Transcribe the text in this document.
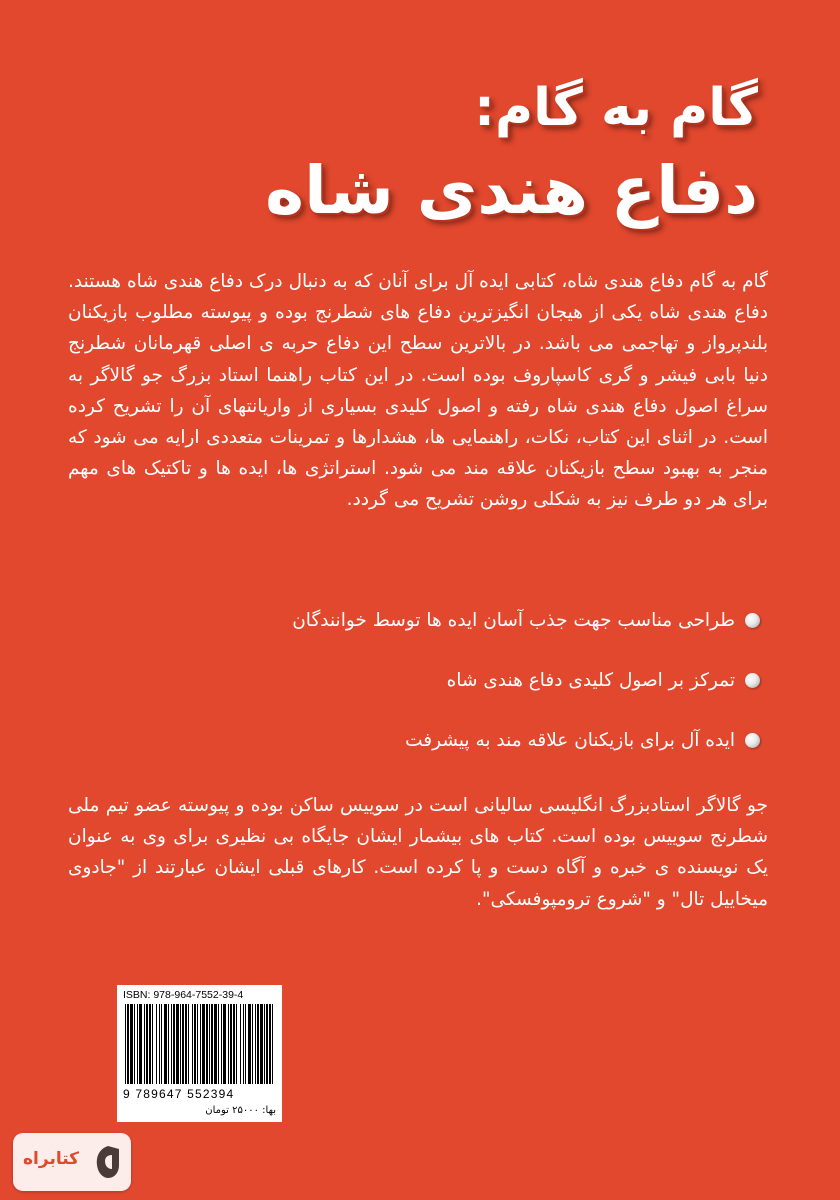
گام به گام:
دفاع هندی شاه

گام به گام دفاع هندی شاه، کتابی ایده آل برای آنان که به دنبال درک دفاع هندی شاه هستند. دفاع هندی شاه یکی از هیجان انگیزترین دفاع های شطرنج بوده و پیوسته مطلوب بازیکنان بلندپرواز و تهاجمی می باشد. در بالاترین سطح این دفاع حربه ی اصلی قهرمانان شطرنج دنیا بابی فیشر و گری کاسپاروف بوده است. در این کتاب راهنما استاد بزرگ جو گالاگر به سراغ اصول دفاع هندی شاه رفته و اصول کلیدی بسیاری از واریانتهای آن را تشریح کرده است. در اثنای این کتاب، نکات، راهنمایی ها، هشدارها و تمرینات متعددی ارایه می شود که منجر به بهبود سطح بازیکنان علاقه مند می شود. استراتژی ها، ایده ها و تاکتیک های مهم برای هر دو طرف نیز به شکلی روشن تشریح می گردد.

طراحی مناسب جهت جذب آسان ایده ها توسط خوانندگان
تمرکز بر اصول کلیدی دفاع هندی شاه
ایده آل برای بازیکنان علاقه مند به پیشرفت

جو گالاگر استادبزرگ انگلیسی سالیانی است در سوییس ساکن بوده و پیوسته عضو تیم ملی شطرنج سوییس بوده است. کتاب های بیشمار ایشان جایگاه بی نظیری برای وی به عنوان یک نویسنده ی خبره و آگاه دست و پا کرده است. کارهای قبلی ایشان عبارتند از "جادوی میخاییل تال" و "شروع ترومپوفسکی".

ISBN: 978-964-7552-39-4
9 789647 552394
بها: ۲۵۰۰۰ تومان
کتابراه
